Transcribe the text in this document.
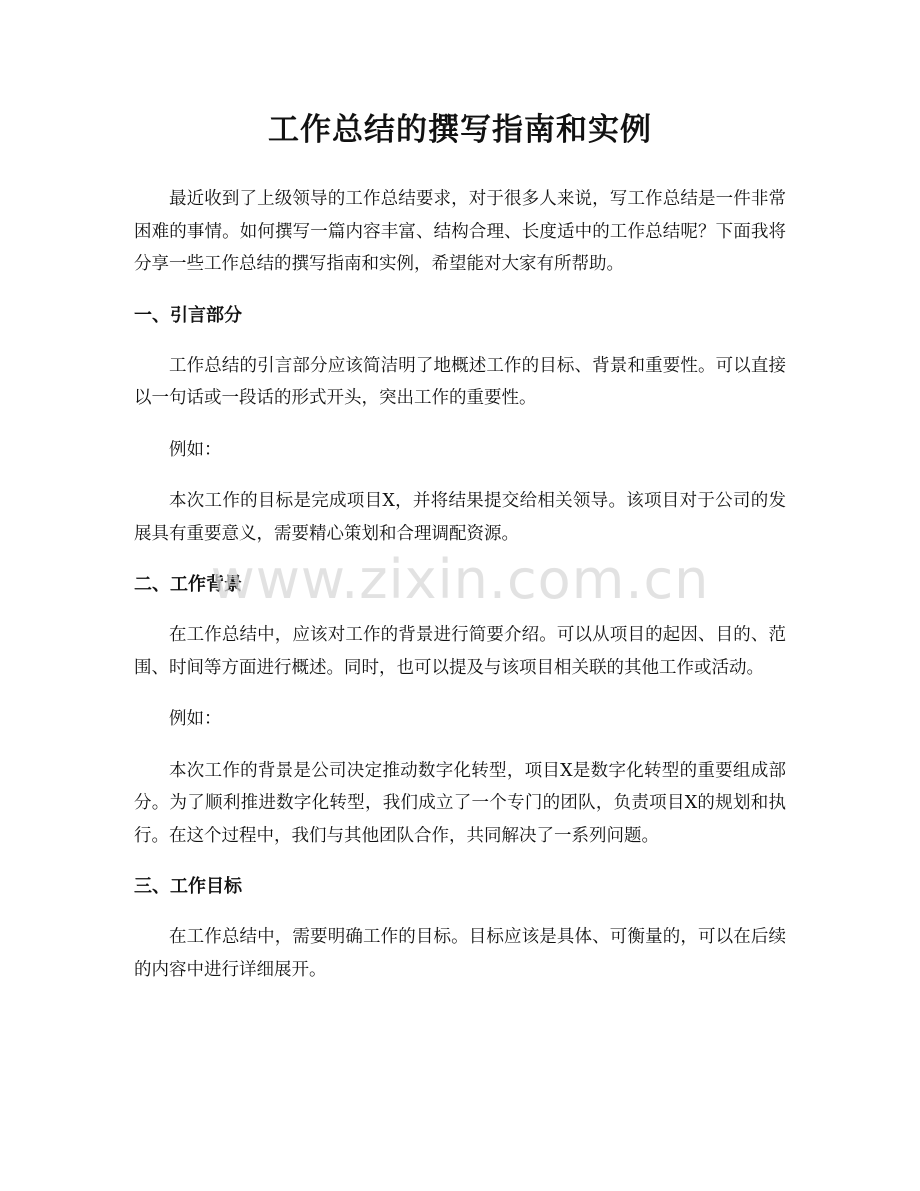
工作总结的撰写指南和实例

最近收到了上级领导的工作总结要求，对于很多人来说，写工作总结是一件非常困难的事情。如何撰写一篇内容丰富、结构合理、长度适中的工作总结呢？下面我将分享一些工作总结的撰写指南和实例，希望能对大家有所帮助。

一、引言部分

工作总结的引言部分应该简洁明了地概述工作的目标、背景和重要性。可以直接以一句话或一段话的形式开头，突出工作的重要性。

例如：

本次工作的目标是完成项目X，并将结果提交给相关领导。该项目对于公司的发展具有重要意义，需要精心策划和合理调配资源。

二、工作背景

在工作总结中，应该对工作的背景进行简要介绍。可以从项目的起因、目的、范围、时间等方面进行概述。同时，也可以提及与该项目相关联的其他工作或活动。

例如：

本次工作的背景是公司决定推动数字化转型，项目X是数字化转型的重要组成部分。为了顺利推进数字化转型，我们成立了一个专门的团队，负责项目X的规划和执行。在这个过程中，我们与其他团队合作，共同解决了一系列问题。

三、工作目标

在工作总结中，需要明确工作的目标。目标应该是具体、可衡量的，可以在后续的内容中进行详细展开。

www.zixin.com.cn
